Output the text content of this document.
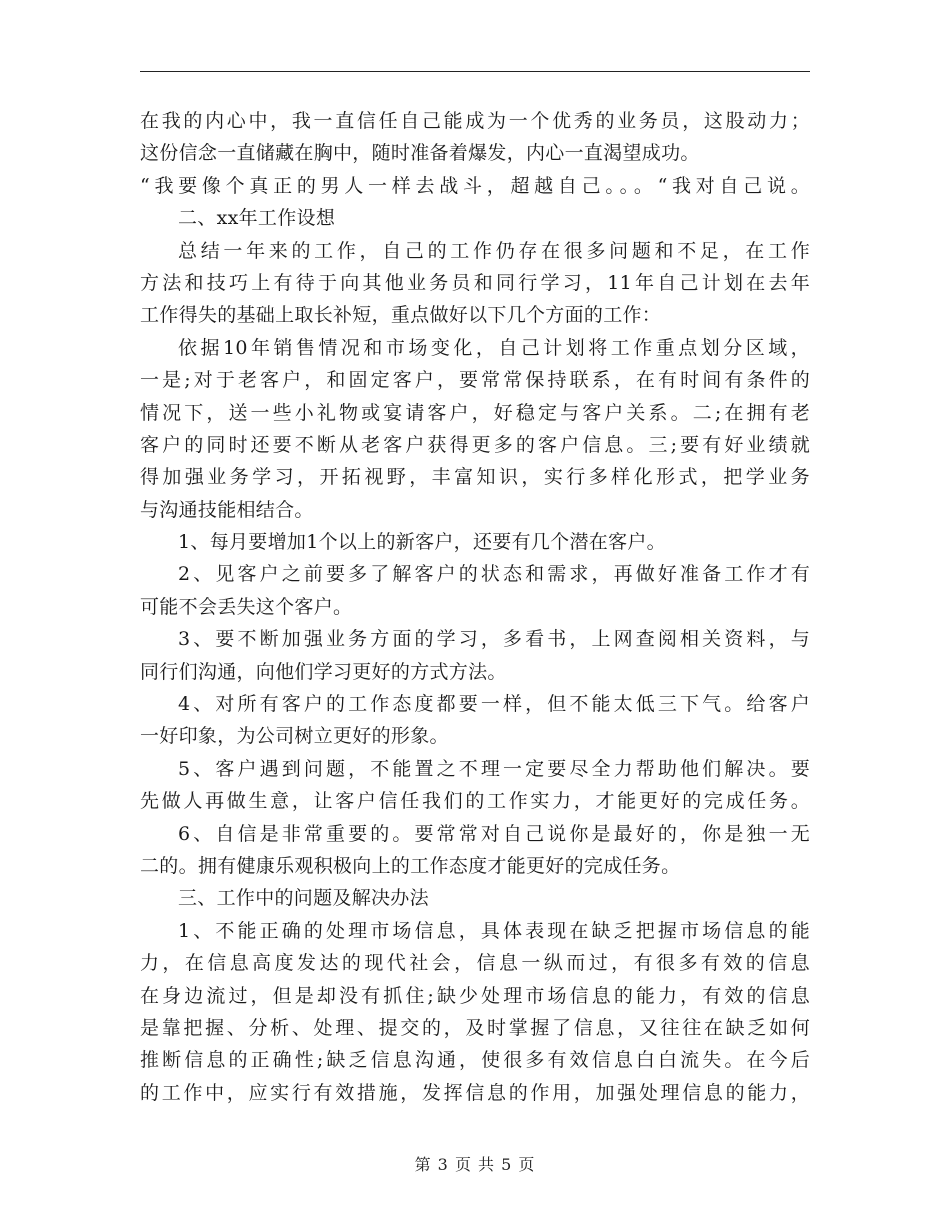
在我的内心中，我一直信任自己能成为一个优秀的业务员，这股动力；
这份信念一直储藏在胸中，随时准备着爆发，内心一直渴望成功。
“我要像个真正的男人一样去战斗，超越自己。。。“我对自己说。
二、xx年工作设想
总结一年来的工作，自己的工作仍存在很多问题和不足，在工作
方法和技巧上有待于向其他业务员和同行学习，11年自己计划在去年
工作得失的基础上取长补短，重点做好以下几个方面的工作：
依据10年销售情况和市场变化，自己计划将工作重点划分区域，
一是;对于老客户，和固定客户，要常常保持联系，在有时间有条件的
情况下，送一些小礼物或宴请客户，好稳定与客户关系。二;在拥有老
客户的同时还要不断从老客户获得更多的客户信息。三;要有好业绩就
得加强业务学习，开拓视野，丰富知识，实行多样化形式，把学业务
与沟通技能相结合。
1、每月要增加1个以上的新客户，还要有几个潜在客户。
2、见客户之前要多了解客户的状态和需求，再做好准备工作才有
可能不会丢失这个客户。
3、要不断加强业务方面的学习，多看书，上网查阅相关资料，与
同行们沟通，向他们学习更好的方式方法。
4、对所有客户的工作态度都要一样，但不能太低三下气。给客户
一好印象，为公司树立更好的形象。
5、客户遇到问题，不能置之不理一定要尽全力帮助他们解决。要
先做人再做生意，让客户信任我们的工作实力，才能更好的完成任务。
6、自信是非常重要的。要常常对自己说你是最好的，你是独一无
二的。拥有健康乐观积极向上的工作态度才能更好的完成任务。
三、工作中的问题及解决办法
1、不能正确的处理市场信息，具体表现在缺乏把握市场信息的能
力，在信息高度发达的现代社会，信息一纵而过，有很多有效的信息
在身边流过，但是却没有抓住;缺少处理市场信息的能力，有效的信息
是靠把握、分析、处理、提交的，及时掌握了信息，又往往在缺乏如何
推断信息的正确性;缺乏信息沟通，使很多有效信息白白流失。在今后
的工作中，应实行有效措施，发挥信息的作用，加强处理信息的能力，
第 3 页 共 5 页
